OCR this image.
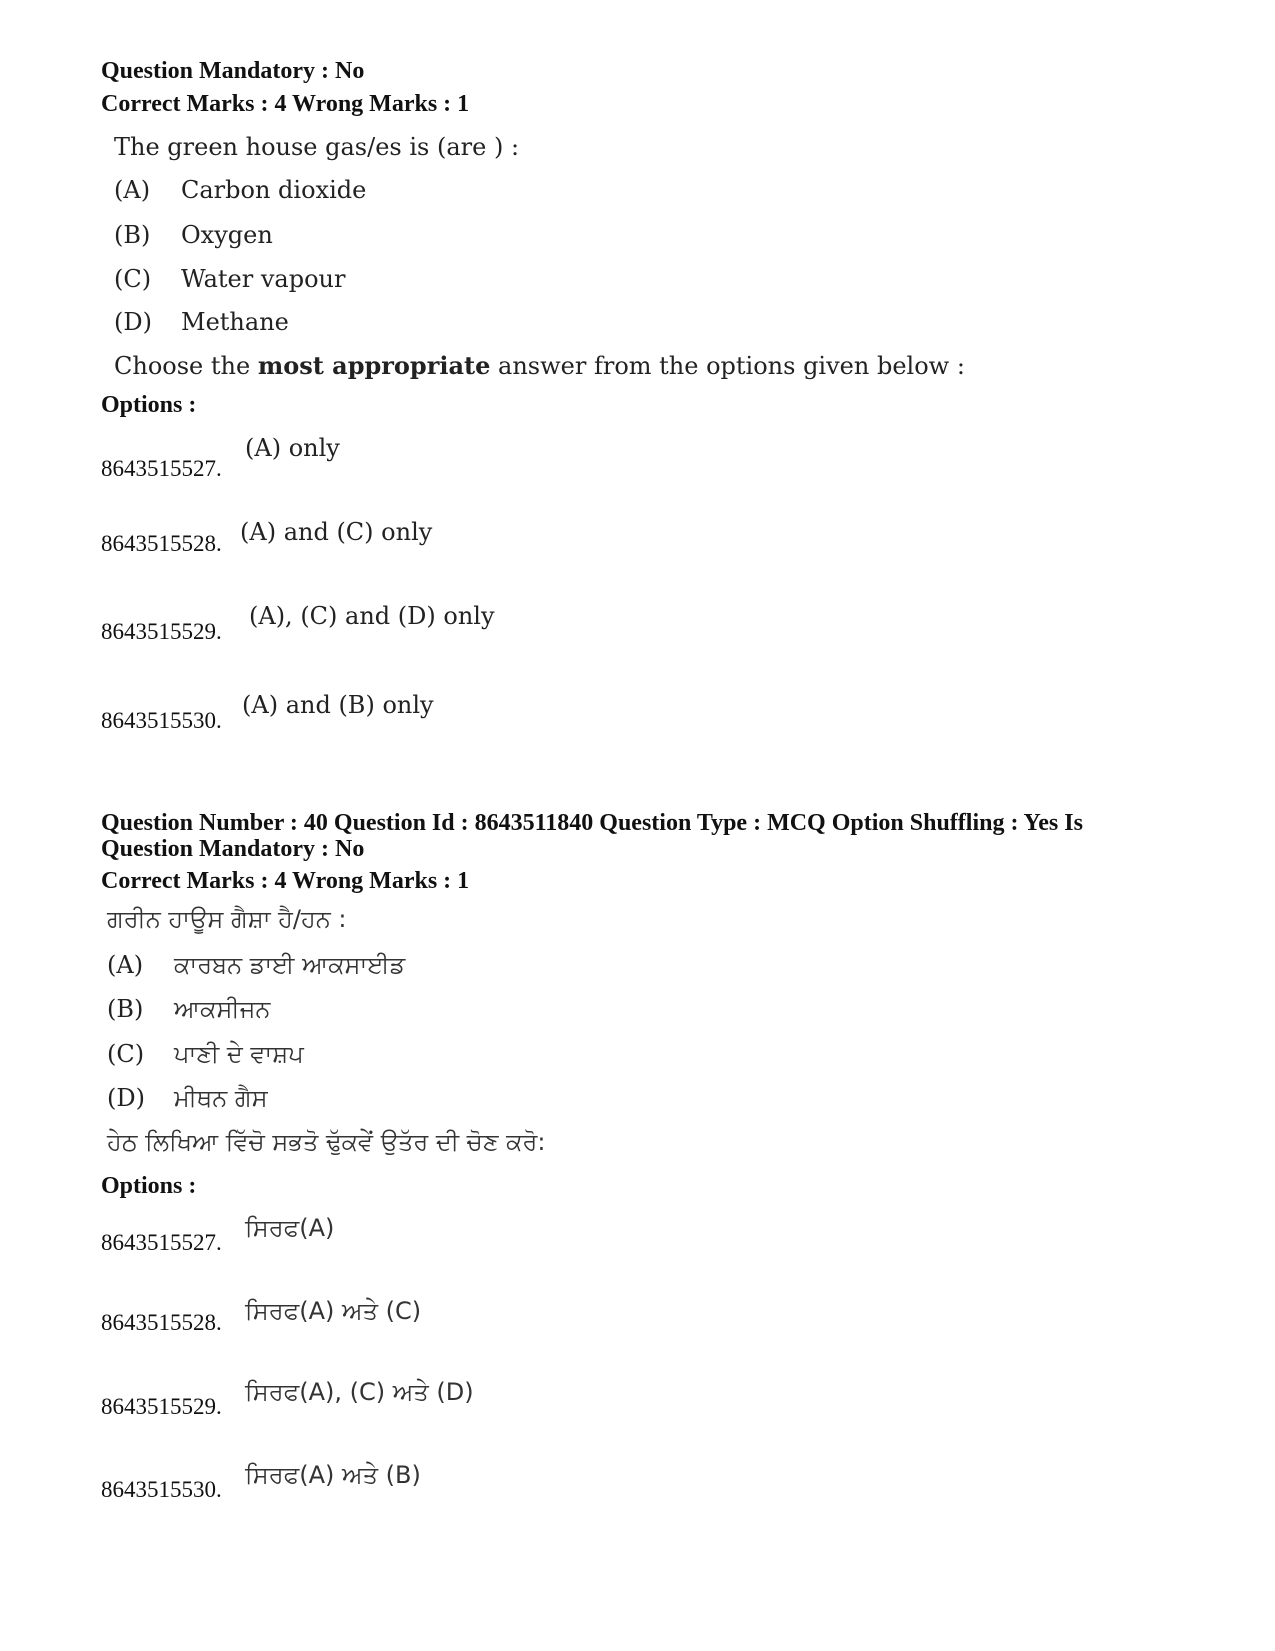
Question Mandatory : No
Correct Marks : 4 Wrong Marks : 1
The green house gas/es is (are ) :
(A) Carbon dioxide
(B) Oxygen
(C) Water vapour
(D) Methane
Choose the most appropriate answer from the options given below :
Options :
8643515527.
(A) only
8643515528. (A) and (C) only
8643515529.
(A), (C) and (D) only
8643515530.
(A) and (B) only
Question Number : 40 Question Id : 8643511840 Question Type : MCQ Option Shuffling : Yes Is
Question Mandatory : No
Correct Marks : 4 Wrong Marks : 1
ਗਰੀਨ ਹਾਊਸ ਗੈਸ਼ਾ ਹੈ/ਹਨ :
(A) ਕਾਰਬਨ ਡਾਈ ਆਕਸਾਈਡ
(B) ਆਕਸੀਜਨ
(C) ਪਾਣੀ ਦੇ ਵਾਸ਼ਪ
(D) ਮੀਥਨ ਗੈਸ
ਹੇਠ ਲਿਖਿਆ ਵਿੱਚੋ ਸਭਤੋ ਢੁੱਕਵੇਂ ਉਤੱਰ ਦੀ ਚੋਣ ਕਰੋ:
Options :
8643515527.
ਸਿਰਫ(A)
8643515528. ਸਿਰਫ(A) ਅਤੇ (C)
8643515529.
ਸਿਰਫ(A), (C) ਅਤੇ (D)
8643515530.
ਸਿਰਫ(A) ਅਤੇ (B)
